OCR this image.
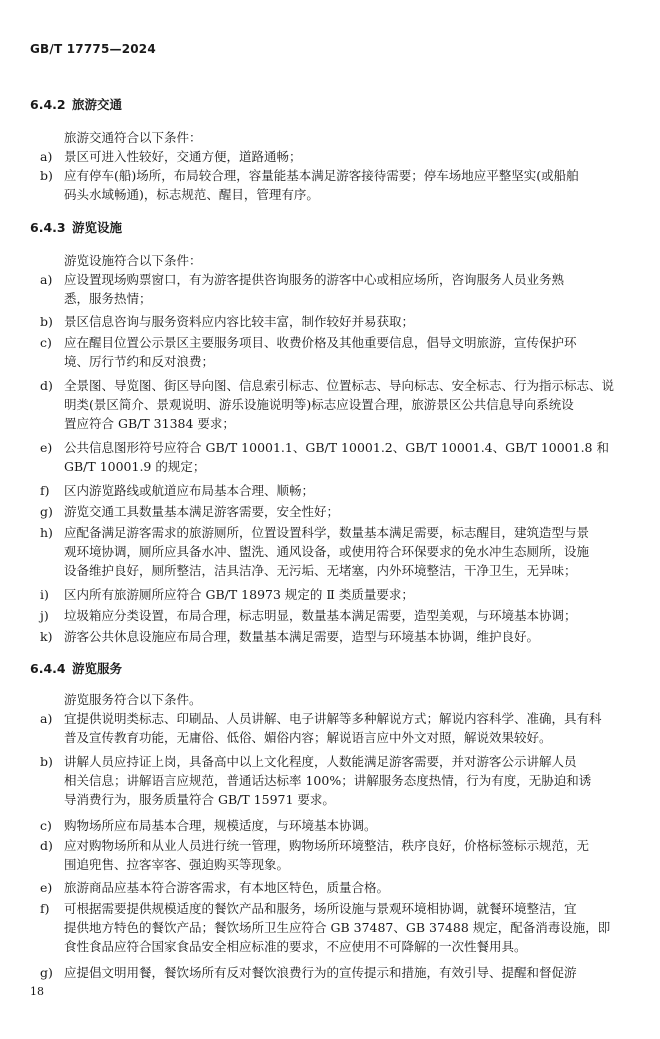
GB/T 17775—2024
6.4.2 旅游交通
旅游交通符合以下条件：
a) 景区可进入性较好，交通方便，道路通畅；
b) 应有停车(船)场所，布局较合理，容量能基本满足游客接待需要；停车场地应平整坚实(或船舶
码头水域畅通)，标志规范、醒目，管理有序。
6.4.3 游览设施
游览设施符合以下条件：
a) 应设置现场购票窗口，有为游客提供咨询服务的游客中心或相应场所，咨询服务人员业务熟
悉，服务热情；
b) 景区信息咨询与服务资料应内容比较丰富，制作较好并易获取；
c) 应在醒目位置公示景区主要服务项目、收费价格及其他重要信息，倡导文明旅游，宣传保护环
境、厉行节约和反对浪费；
d) 全景图、导览图、街区导向图、信息索引标志、位置标志、导向标志、安全标志、行为指示标志、说
明类(景区简介、景观说明、游乐设施说明等)标志应设置合理，旅游景区公共信息导向系统设
置应符合 GB/T 31384 要求；
e) 公共信息图形符号应符合 GB/T 10001.1、GB/T 10001.2、GB/T 10001.4、GB/T 10001.8 和
GB/T 10001.9 的规定；
f)	区内游览路线或航道应布局基本合理、顺畅；
g) 游览交通工具数量基本满足游客需要，安全性好；
h) 应配备满足游客需求的旅游厕所，位置设置科学，数量基本满足需要，标志醒目，建筑造型与景
观环境协调，厕所应具备水冲、盥洗、通风设备，或使用符合环保要求的免水冲生态厕所，设施
设备维护良好，厕所整洁，洁具洁净、无污垢、无堵塞，内外环境整洁，干净卫生，无异味；
i)	区内所有旅游厕所应符合 GB/T 18973 规定的 Ⅱ 类质量要求；
j)	垃圾箱应分类设置，布局合理，标志明显，数量基本满足需要，造型美观，与环境基本协调；
k) 游客公共休息设施应布局合理，数量基本满足需要，造型与环境基本协调，维护良好。
6.4.4 游览服务
游览服务符合以下条件。
a) 宜提供说明类标志、印刷品、人员讲解、电子讲解等多种解说方式；解说内容科学、准确，具有科
普及宣传教育功能，无庸俗、低俗、媚俗内容；解说语言应中外文对照，解说效果较好。
b) 讲解人员应持证上岗，具备高中以上文化程度，人数能满足游客需要，并对游客公示讲解人员
相关信息；讲解语言应规范，普通话达标率 100%；讲解服务态度热情，行为有度，无胁迫和诱
导消费行为，服务质量符合 GB/T 15971 要求。
c) 购物场所应布局基本合理，规模适度，与环境基本协调。
d) 应对购物场所和从业人员进行统一管理，购物场所环境整洁，秩序良好，价格标签标示规范，无
围追兜售、拉客宰客、强迫购买等现象。
e) 旅游商品应基本符合游客需求，有本地区特色，质量合格。
f)	可根据需要提供规模适度的餐饮产品和服务，场所设施与景观环境相协调，就餐环境整洁，宜
提供地方特色的餐饮产品；餐饮场所卫生应符合 GB 37487、GB 37488 规定，配备消毒设施，即
食性食品应符合国家食品安全相应标准的要求，不应使用不可降解的一次性餐用具。
g) 应提倡文明用餐，餐饮场所有反对餐饮浪费行为的宣传提示和措施，有效引导、提醒和督促游
18
